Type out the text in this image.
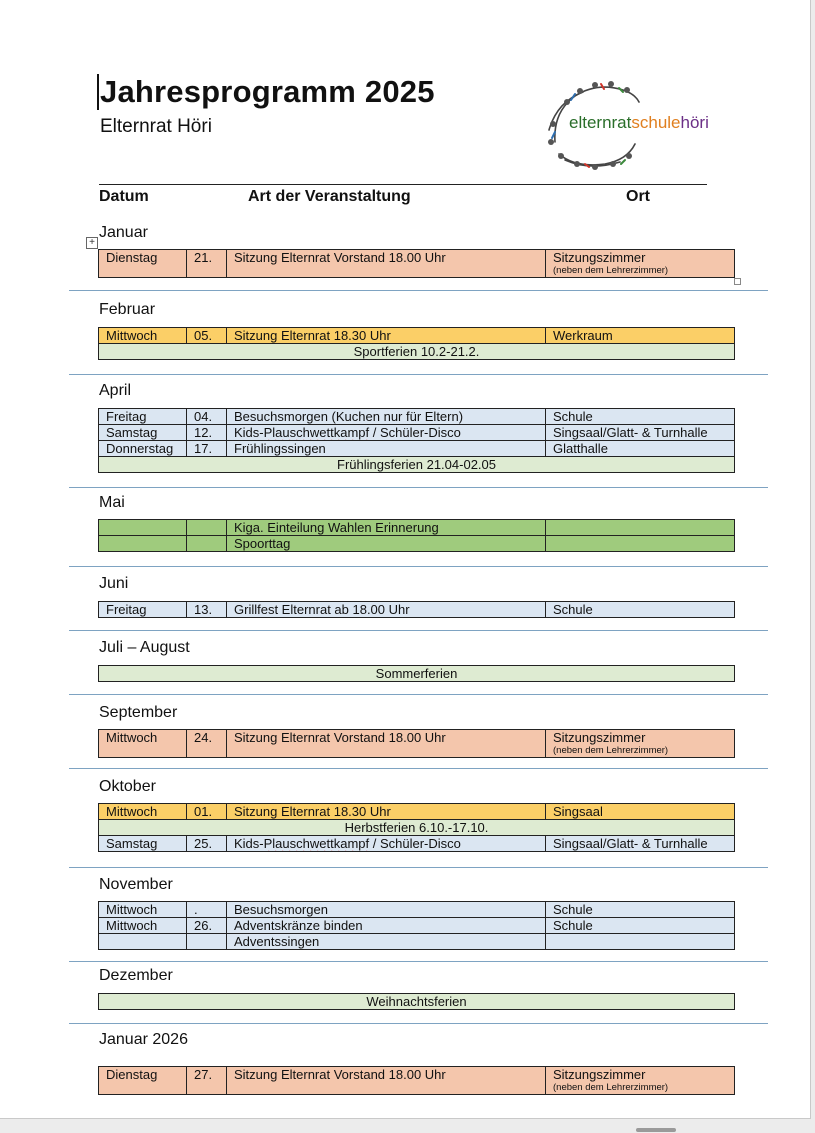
Jahresprogramm 2025
Elternrat Höri	elternratschulehöri
Datum	Art der Veranstaltung	Ort
+
Januar
Dienstag	21.	Sitzung Elternrat Vorstand 18.00 Uhr	Sitzungszimmer
(neben dem Lehrerzimmer)
Februar
Mittwoch	05.	Sitzung Elternrat 18.30 Uhr	Werkraum
Sportferien 10.2-21.2.
April
Freitag	04.	Besuchsmorgen (Kuchen nur für Eltern)	Schule
Samstag	12.	Kids-Plauschwettkampf / Schüler-Disco	Singsaal/Glatt- & Turnhalle
Donnerstag	17.	Frühlingssingen	Glatthalle
Frühlingsferien 21.04-02.05			
Mai
		Kiga. Einteilung Wahlen Erinnerung	
		Spoorttag	
Juni
Freitag	13.	Grillfest Elternrat ab 18.00 Uhr	Schule
Juli – August
Sommerferien
September
Mittwoch	24.	Sitzung Elternrat Vorstand 18.00 Uhr	Sitzungszimmer
(neben dem Lehrerzimmer)
Oktober
Mittwoch	01.	Sitzung Elternrat 18.30 Uhr	Singsaal
Herbstferien 6.10.-17.10.			
Samstag	25.	Kids-Plauschwettkampf / Schüler-Disco	Singsaal/Glatt- & Turnhalle
November
Mittwoch	.	Besuchsmorgen	Schule
Mittwoch	26.	Adventskränze binden	Schule
		Adventssingen	
Dezember
Weihnachtsferien
Januar 2026
Dienstag	27.	Sitzung Elternrat Vorstand 18.00 Uhr	Sitzungszimmer
(neben dem Lehrerzimmer)
